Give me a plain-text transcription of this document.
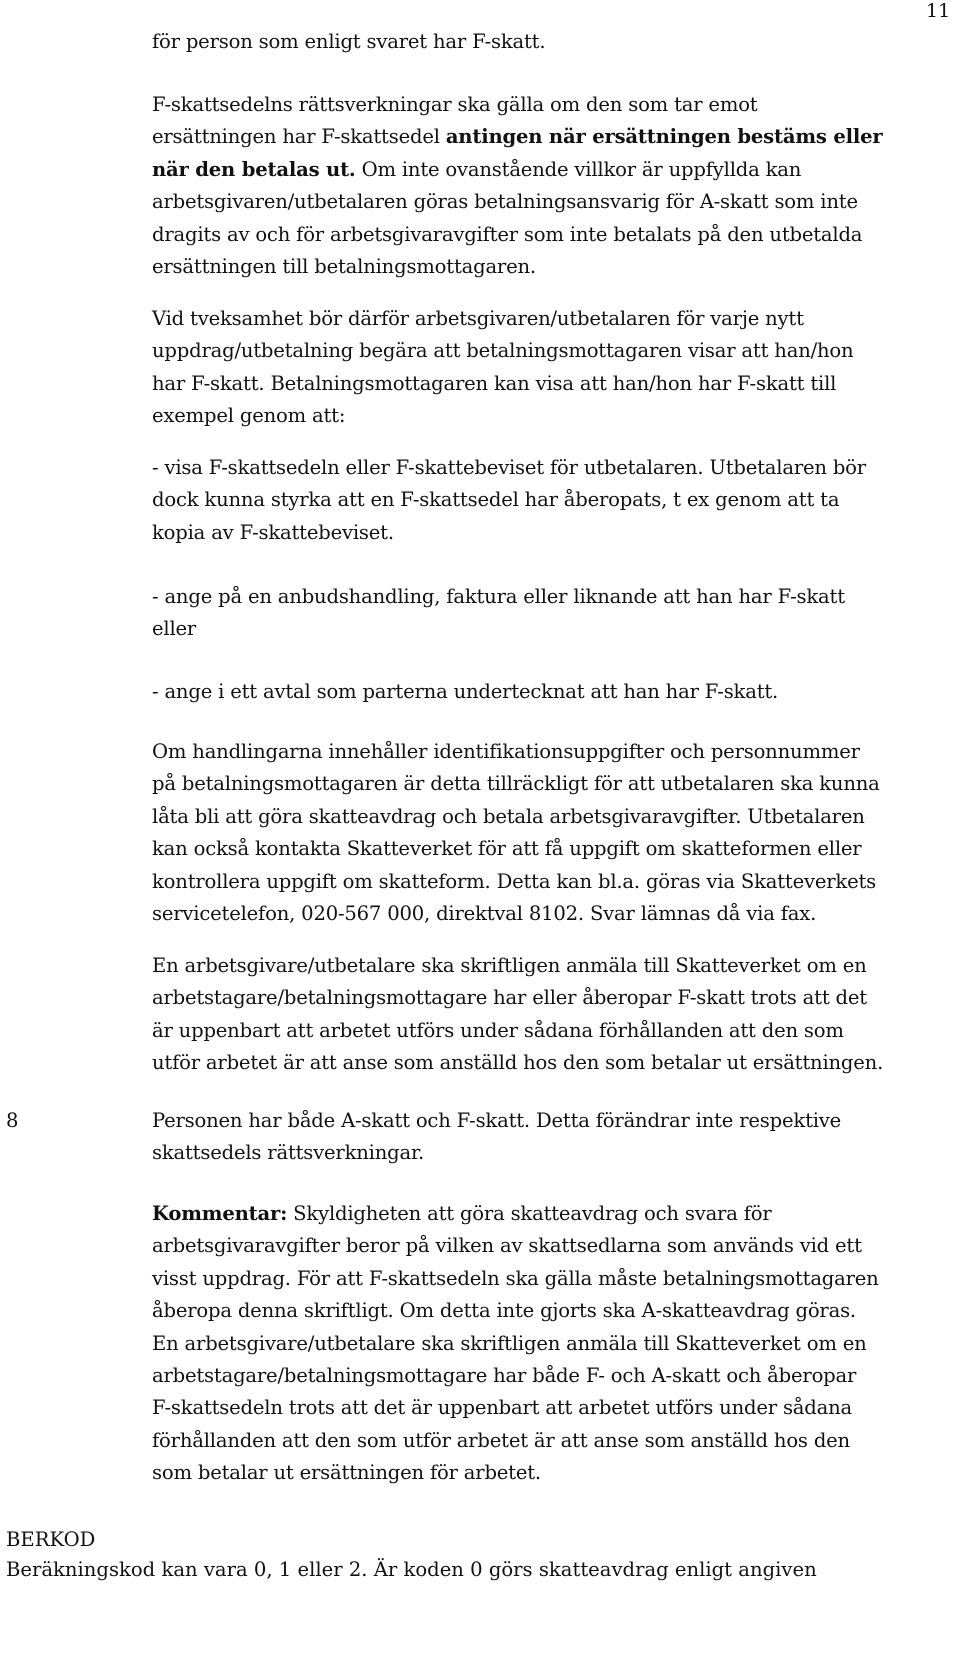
11
för person som enligt svaret har F-skatt.
F-skattsedelns rättsverkningar ska gälla om den som tar emot
ersättningen har F-skattsedel antingen när ersättningen bestäms eller
när den betalas ut. Om inte ovanstående villkor är uppfyllda kan
arbetsgivaren/utbetalaren göras betalningsansvarig för A-skatt som inte
dragits av och för arbetsgivaravgifter som inte betalats på den utbetalda
ersättningen till betalningsmottagaren.
Vid tveksamhet bör därför arbetsgivaren/utbetalaren för varje nytt
uppdrag/utbetalning begära att betalningsmottagaren visar att han/hon
har F-skatt. Betalningsmottagaren kan visa att han/hon har F-skatt till
exempel genom att:
- visa F-skattsedeln eller F-skattebeviset för utbetalaren. Utbetalaren bör
dock kunna styrka att en F-skattsedel har åberopats, t ex genom att ta
kopia av F-skattebeviset.
- ange på en anbudshandling, faktura eller liknande att han har F-skatt
eller
- ange i ett avtal som parterna undertecknat att han har F-skatt.
Om handlingarna innehåller identifikationsuppgifter och personnummer
på betalningsmottagaren är detta tillräckligt för att utbetalaren ska kunna
låta bli att göra skatteavdrag och betala arbetsgivaravgifter. Utbetalaren
kan också kontakta Skatteverket för att få uppgift om skatteformen eller
kontrollera uppgift om skatteform. Detta kan bl.a. göras via Skatteverkets
servicetelefon, 020-567 000, direktval 8102. Svar lämnas då via fax.
En arbetsgivare/utbetalare ska skriftligen anmäla till Skatteverket om en
arbetstagare/betalningsmottagare har eller åberopar F-skatt trots att det
är uppenbart att arbetet utförs under sådana förhållanden att den som
utför arbetet är att anse som anställd hos den som betalar ut ersättningen.
8	Personen har både A-skatt och F-skatt. Detta förändrar inte respektive
skattsedels rättsverkningar.
Kommentar: Skyldigheten att göra skatteavdrag och svara för
arbetsgivaravgifter beror på vilken av skattsedlarna som används vid ett
visst uppdrag. För att F-skattsedeln ska gälla måste betalningsmottagaren
åberopa denna skriftligt. Om detta inte gjorts ska A-skatteavdrag göras.
En arbetsgivare/utbetalare ska skriftligen anmäla till Skatteverket om en
arbetstagare/betalningsmottagare har både F- och A-skatt och åberopar
F-skattsedeln trots att det är uppenbart att arbetet utförs under sådana
förhållanden att den som utför arbetet är att anse som anställd hos den
som betalar ut ersättningen för arbetet.
BERKOD
Beräkningskod kan vara 0, 1 eller 2. Är koden 0 görs skatteavdrag enligt angiven
